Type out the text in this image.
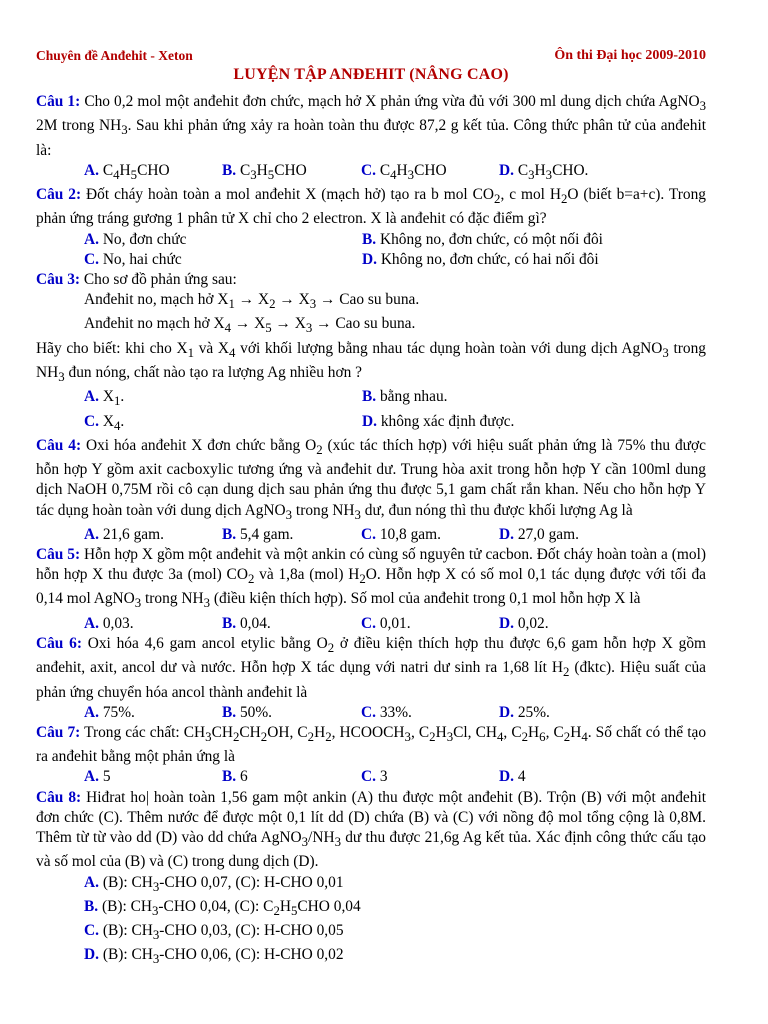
Chuyên đề Anđehit - Xeton	Ôn thi Đại học 2009-2010
LUYỆN TẬP ANĐEHIT (NÂNG CAO)
Câu 1: Cho 0,2 mol một anđehit đơn chức, mạch hở X phản ứng vừa đủ với 300 ml dung dịch chứa AgNO$_3$ 2M trong $NH_3$. Sau khi phản ứng xảy ra hoàn toàn thu được 87,2 g kết tủa. Công thức phân tử của anđehit là:
A. $C_4H_5CHO$	B. $C_3H_5CHO$	C. $C_4H_3CHO$	D. $C_3H_3CHO$.
Câu 2: Đốt cháy hoàn toàn a mol anđehit X (mạch hở) tạo ra b mol $CO_2$, c mol $H_2O$ (biết b=a+c). Trong phản ứng tráng gương 1 phân tử X chỉ cho 2 electron. X là anđehit có đặc điểm gì?
A. No, đơn chức	B. Không no, đơn chức, có một nối đôi
C. No, hai chức	D. Không no, đơn chức, có hai nối đôi
Câu 3: Cho sơ đồ phản ứng sau:
Anđehit no, mạch hở $X_1 \to X_2 \to X_3$ → Cao su buna.
Anđehit no mạch hở $X_4 \to X_5 \to X_3$ → Cao su buna.
Hãy cho biết: khi cho $X_1$ và $X_4$ với khối lượng bằng nhau tác dụng hoàn toàn với dung dịch AgNO$_3$ trong $NH_3$ đun nóng, chất nào tạo ra lượng Ag nhiều hơn ?
A. $X_1$.	B. bằng nhau.
C. $X_4$.	D. không xác định được.
Câu 4: Oxi hóa anđehit X đơn chức bằng $O_2$ (xúc tác thích hợp) với hiệu suất phản ứng là 75% thu được hỗn hợp Y gồm axit cacboxylic tương ứng và anđehit dư. Trung hòa axit trong hỗn hợp Y cần 100ml dung dịch NaOH 0,75M rồi cô cạn dung dịch sau phản ứng thu được 5,1 gam chất rắn khan. Nếu cho hỗn hợp Y tác dụng hoàn toàn với dung dịch AgNO$_3$ trong $NH_3$ dư, đun nóng thì thu được khối lượng Ag là
A. 21,6 gam.	B. 5,4 gam.	C. 10,8 gam.	D. 27,0 gam.
Câu 5: Hỗn hợp X gồm một anđehit và một ankin có cùng số nguyên tử cacbon. Đốt cháy hoàn toàn a (mol) hỗn hợp X thu được 3a (mol) $CO_2$ và 1,8a (mol) $H_2O$. Hỗn hợp X có số mol 0,1 tác dụng được với tối đa 0,14 mol AgNO$_3$ trong $NH_3$ (điều kiện thích hợp). Số mol của anđehit trong 0,1 mol hỗn hợp X là
A. 0,03.	B. 0,04.	C. 0,01.	D. 0,02.
Câu 6: Oxi hóa 4,6 gam ancol etylic bằng $O_2$ ở điều kiện thích hợp thu được 6,6 gam hỗn hợp X gồm anđehit, axit, ancol dư và nước. Hỗn hợp X tác dụng với natri dư sinh ra 1,68 lít $H_2$ (đktc). Hiệu suất của phản ứng chuyển hóa ancol thành anđehit là
A. 75%.	B. 50%.	C. 33%.	D. 25%.
Câu 7: Trong các chất: $CH_3CH_2CH_2OH$, $C_2H_2$, $HCOOCH_3$, $C_2H_3Cl$, $CH_4$, $C_2H_6$, $C_2H_4$. Số chất có thể tạo ra anđehit bằng một phản ứng là
A. 5	B. 6	C. 3	D. 4
Câu 8: Hiđrat ho| hoàn toàn 1,56 gam một ankin (A) thu được một anđehit (B). Trộn (B) với một anđehit đơn chức (C). Thêm nước để được một 0,1 lít dd (D) chứa (B) và (C) với nồng độ mol tổng cộng là 0,8M. Thêm từ từ vào dd (D) vào dd chứa $AgNO_3/NH_3$ dư thu được 21,6g Ag kết tủa. Xác định công thức cấu tạo và số mol của (B) và (C) trong dung dịch (D).
A. (B): $CH_3$-CHO 0,07, (C): H-CHO 0,01
B. (B): $CH_3$-CHO 0,04, (C): $C_2H_5CHO$ 0,04
C. (B): $CH_3$-CHO 0,03, (C): H-CHO 0,05
D. (B): $CH_3$-CHO 0,06, (C): H-CHO 0,02
